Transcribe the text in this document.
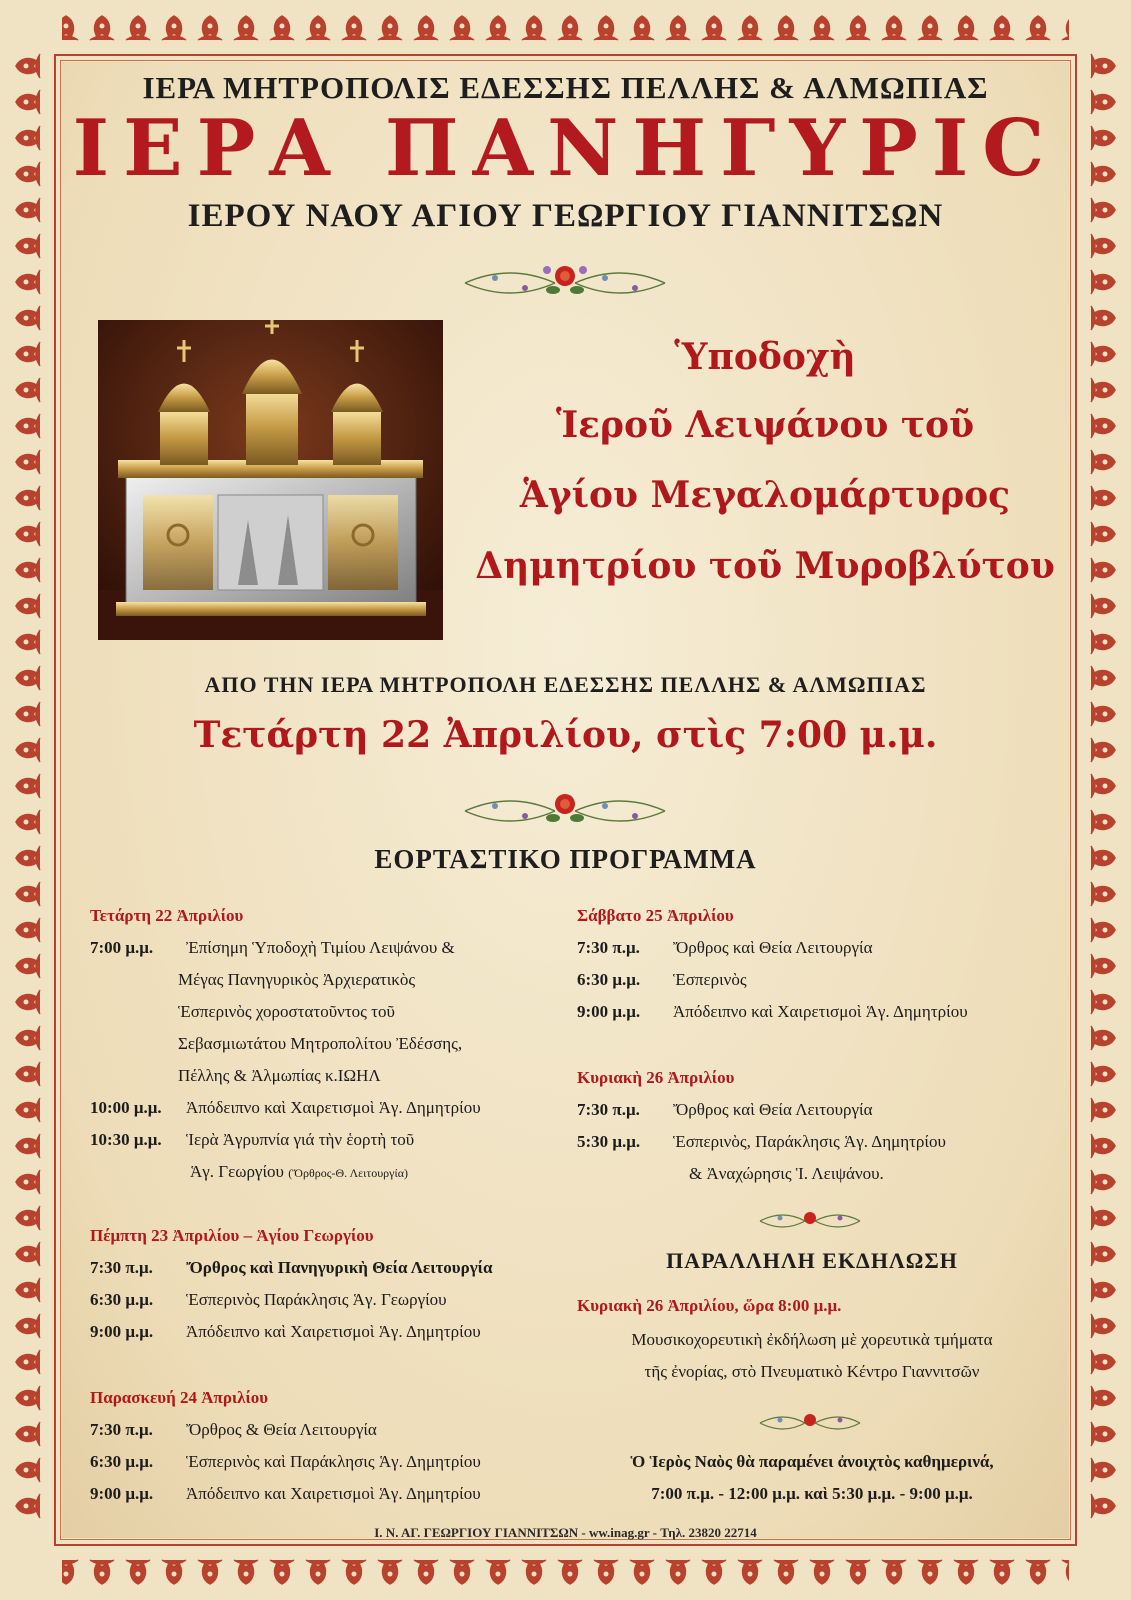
ΙΕΡΑ ΜΗΤΡΟΠΟΛΙΣ ΕΔΕΣΣΗΣ ΠΕΛΛΗΣ & ΑΛΜΩΠΙΑΣ
ΙΕΡΑ ΠΑΝΗΓΥΡΙC
ΙΕΡΟΥ ΝΑΟΥ ΑΓΙΟΥ ΓΕΩΡΓΙΟΥ ΓΙΑΝΝΙΤΣΩΝ
Ὑποδοχὴ
Ἱεροῦ Λειψάνου τοῦ
Ἁγίου Μεγαλομάρτυρος
Δημητρίου τοῦ Μυροβλύτου
ΑΠΟ ΤΗΝ ΙΕΡΑ ΜΗΤΡΟΠΟΛΗ ΕΔΕΣΣΗΣ ΠΕΛΛΗΣ & ΑΛΜΩΠΙΑΣ
Τετάρτη 22 Ἀπριλίου, στὶς 7:00 μ.μ.
ΕΟΡΤΑΣΤΙΚΟ ΠΡΟΓΡΑΜΜΑ
Τετάρτη 22 Ἀπριλίου
7:00 μ.μ. Ἐπίσημη Ὑποδοχὴ Τιμίου Λειψάνου &
Μέγας Πανηγυρικὸς Ἀρχιερατικὸς
Ἑσπερινὸς χοροστατοῦντος τοῦ
Σεβασμιωτάτου Μητροπολίτου Ἐδέσσης,
Πέλλης & Ἀλμωπίας κ.ΙΩΗΛ
10:00 μ.μ. Ἀπόδειπνο καὶ Χαιρετισμοὶ Ἁγ. Δημητρίου
10:30 μ.μ. Ἱερὰ Ἀγρυπνία γιά τὴν ἑορτὴ τοῦ
Ἁγ. Γεωργίου (Ὄρθρος-Θ. Λειτουργία)
Πέμπτη 23 Ἀπριλίου – Ἁγίου Γεωργίου
7:30 π.μ. Ὄρθρος καὶ Πανηγυρικὴ Θεία Λειτουργία
6:30 μ.μ. Ἑσπερινὸς Παράκλησις Ἁγ. Γεωργίου
9:00 μ.μ. Ἀπόδειπνο καὶ Χαιρετισμοὶ Ἁγ. Δημητρίου
Παρασκευή 24 Ἀπριλίου
7:30 π.μ. Ὄρθρος & Θεία Λειτουργία
6:30 μ.μ. Ἑσπερινὸς καὶ Παράκλησις Ἁγ. Δημητρίου
9:00 μ.μ. Ἀπόδειπνο και Χαιρετισμοὶ Ἁγ. Δημητρίου
Σάββατο 25 Ἀπριλίου
7:30 π.μ. Ὄρθρος καὶ Θεία Λειτουργία
6:30 μ.μ. Ἑσπερινὸς
9:00 μ.μ. Ἀπόδειπνο καὶ Χαιρετισμοὶ Ἁγ. Δημητρίου
Κυριακὴ 26 Ἀπριλίου
7:30 π.μ. Ὄρθρος καὶ Θεία Λειτουργία
5:30 μ.μ. Ἑσπερινὸς, Παράκλησις Ἁγ. Δημητρίου
& Ἀναχώρησις Ἱ. Λειψάνου.
ΠΑΡΑΛΛΗΛΗ ΕΚΔΗΛΩΣΗ
Κυριακὴ 26 Ἀπριλίου, ὥρα 8:00 μ.μ.
Μουσικοχορευτικὴ ἐκδήλωση μὲ χορευτικὰ τμήματα
τῆς ἐνορίας, στὸ Πνευματικὸ Κέντρο Γιαννιτσῶν
Ὁ Ἱερὸς Ναὸς θὰ παραμένει ἀνοιχτὸς καθημερινά,
7:00 π.μ. - 12:00 μ.μ. καὶ 5:30 μ.μ. - 9:00 μ.μ.
Ι. Ν. ΑΓ. ΓΕΩΡΓΙΟΥ ΓΙΑΝΝΙΤΣΩΝ - ww.inag.gr - Τηλ. 23820 22714
